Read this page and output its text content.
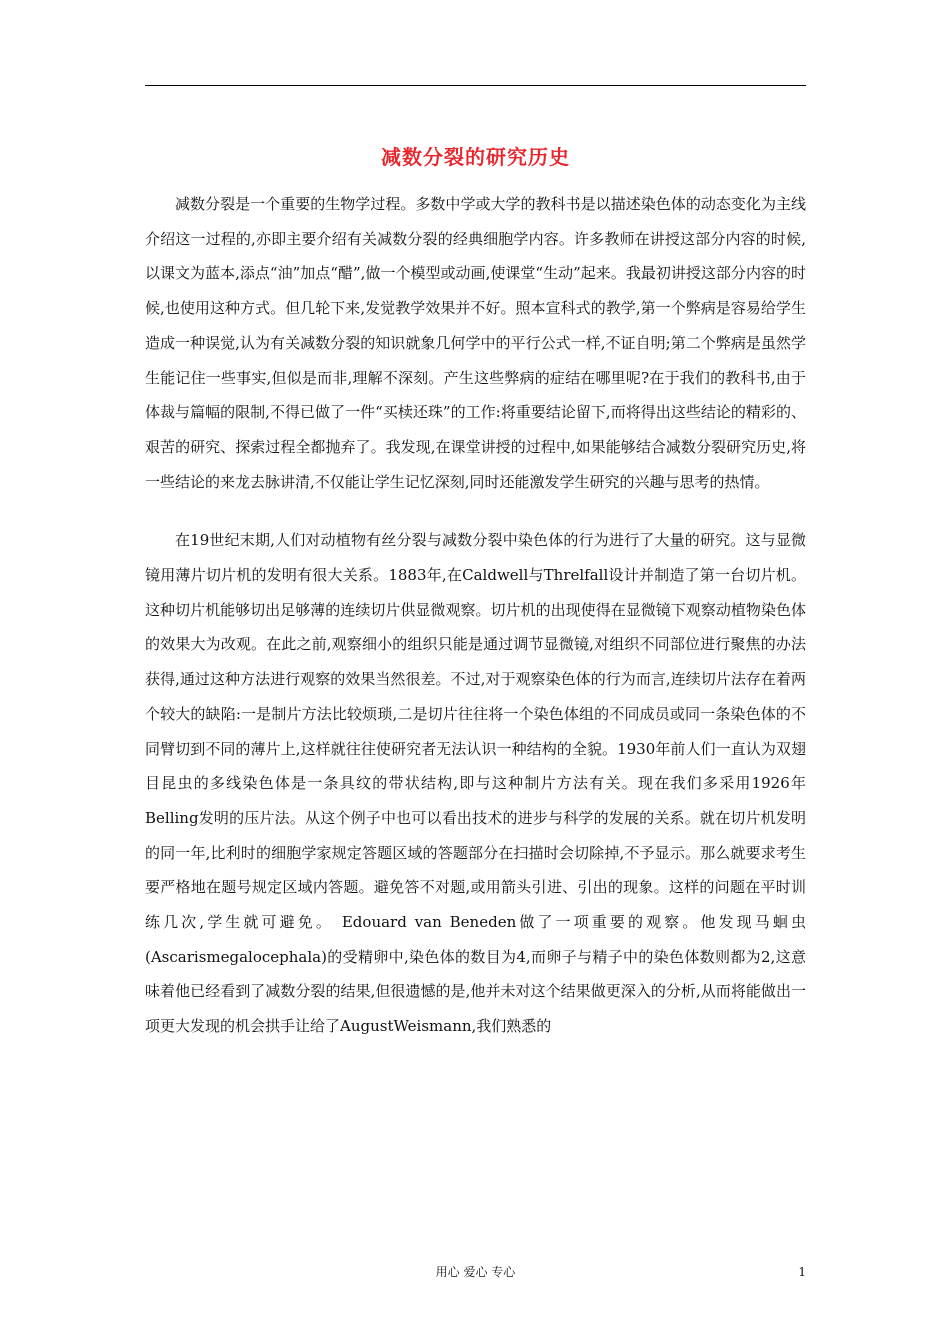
减数分裂的研究历史

减数分裂是一个重要的生物学过程。多数中学或大学的教科书是以描述染色体的动态变化为主线介绍这一过程的,亦即主要介绍有关减数分裂的经典细胞学内容。许多教师在讲授这部分内容的时候,以课文为蓝本,添点“油”加点“醋”,做一个模型或动画,使课堂“生动”起来。我最初讲授这部分内容的时候,也使用这种方式。但几轮下来,发觉教学效果并不好。照本宣科式的教学,第一个弊病是容易给学生造成一种误觉,认为有关减数分裂的知识就象几何学中的平行公式一样,不证自明;第二个弊病是虽然学生能记住一些事实,但似是而非,理解不深刻。产生这些弊病的症结在哪里呢?在于我们的教科书,由于体裁与篇幅的限制,不得已做了一件“买椟还珠”的工作:将重要结论留下,而将得出这些结论的精彩的、艰苦的研究、探索过程全都抛弃了。我发现,在课堂讲授的过程中,如果能够结合减数分裂研究历史,将一些结论的来龙去脉讲清,不仅能让学生记忆深刻,同时还能激发学生研究的兴趣与思考的热情。

在19世纪末期,人们对动植物有丝分裂与减数分裂中染色体的行为进行了大量的研究。这与显微镜用薄片切片机的发明有很大关系。1883年,在Caldwell与Threlfall设计并制造了第一台切片机。这种切片机能够切出足够薄的连续切片供显微观察。切片机的出现使得在显微镜下观察动植物染色体的效果大为改观。在此之前,观察细小的组织只能是通过调节显微镜,对组织不同部位进行聚焦的办法获得,通过这种方法进行观察的效果当然很差。不过,对于观察染色体的行为而言,连续切片法存在着两个较大的缺陷:一是制片方法比较烦琐,二是切片往往将一个染色体组的不同成员或同一条染色体的不同臂切到不同的薄片上,这样就往往使研究者无法认识一种结构的全貌。1930年前人们一直认为双翅目昆虫的多线染色体是一条具纹的带状结构,即与这种制片方法有关。现在我们多采用1926年Belling发明的压片法。从这个例子中也可以看出技术的进步与科学的发展的关系。就在切片机发明的同一年,比利时的细胞学家规定答题区域的答题部分在扫描时会切除掉,不予显示。那么就要求考生要严格地在题号规定区域内答题。避免答不对题,或用箭头引进、引出的现象。这样的问题在平时训练几次,学生就可避免。 Edouard van Beneden做了一项重要的观察。他发现马蛔虫(Ascarismegalocephala)的受精卵中,染色体的数目为4,而卵子与精子中的染色体数则都为2,这意味着他已经看到了减数分裂的结果,但很遗憾的是,他并未对这个结果做更深入的分析,从而将能做出一项更大发现的机会拱手让给了AugustWeismann,我们熟悉的

用心 爱心 专心	1
